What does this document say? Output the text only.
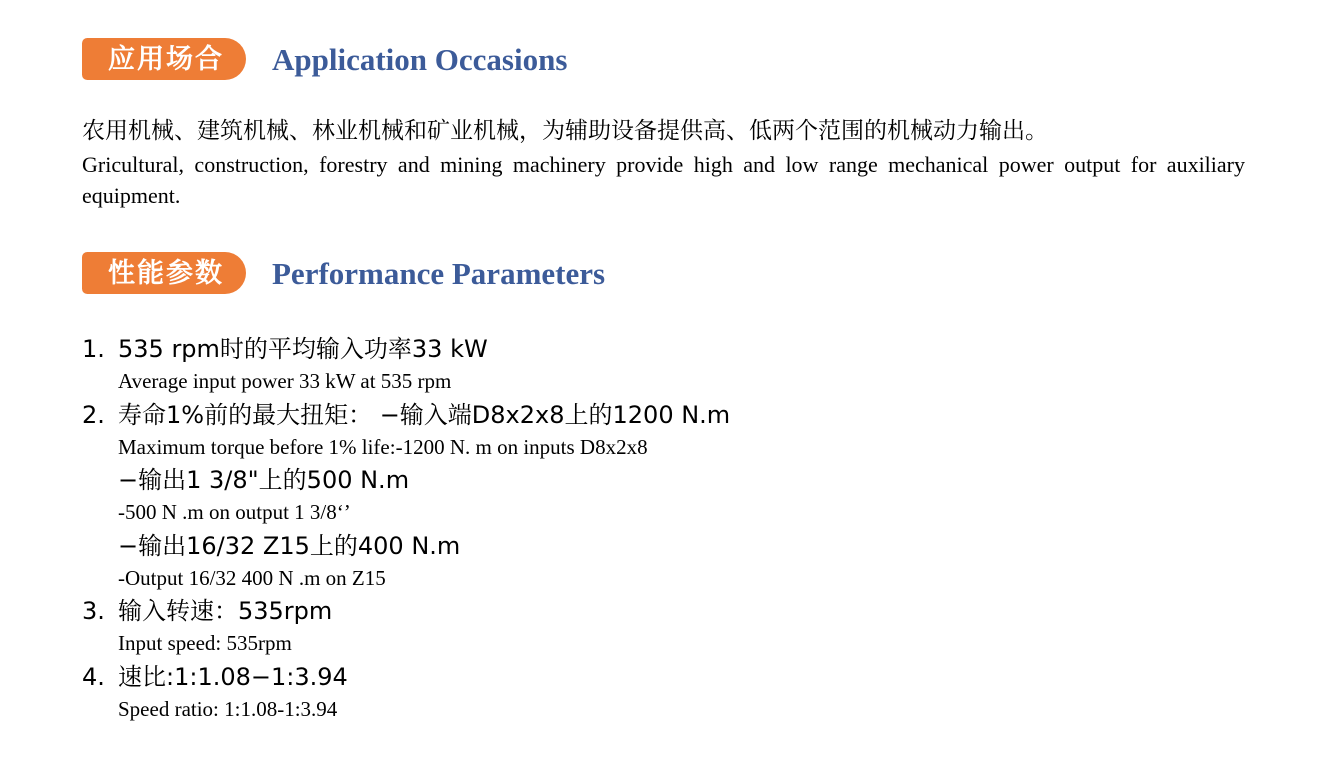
应用场合	Application Occasions
农用机械、建筑机械、林业机械和矿业机械，为辅助设备提供高、低两个范围的机械动力输出。
Gricultural, construction, forestry and mining machinery provide high and low range mechanical power output for auxiliary equipment.
性能参数	Performance Parameters
1. 535 rpm时的平均输入功率33 kW
Average input power 33 kW at 535 rpm
2. 寿命1%前的最大扭矩： −输入端D8x2x8上的1200 N.m
Maximum torque before 1% life:-1200 N. m on inputs D8x2x8
−输出1 3/8"上的500 N.m
-500 N .m on output 1 3/8‘’
−输出16/32 Z15上的400 N.m
-Output 16/32 400 N .m on Z15
3. 输入转速：535rpm
Input speed: 535rpm
4. 速比:1:1.08−1:3.94
Speed ratio: 1:1.08-1:3.94
